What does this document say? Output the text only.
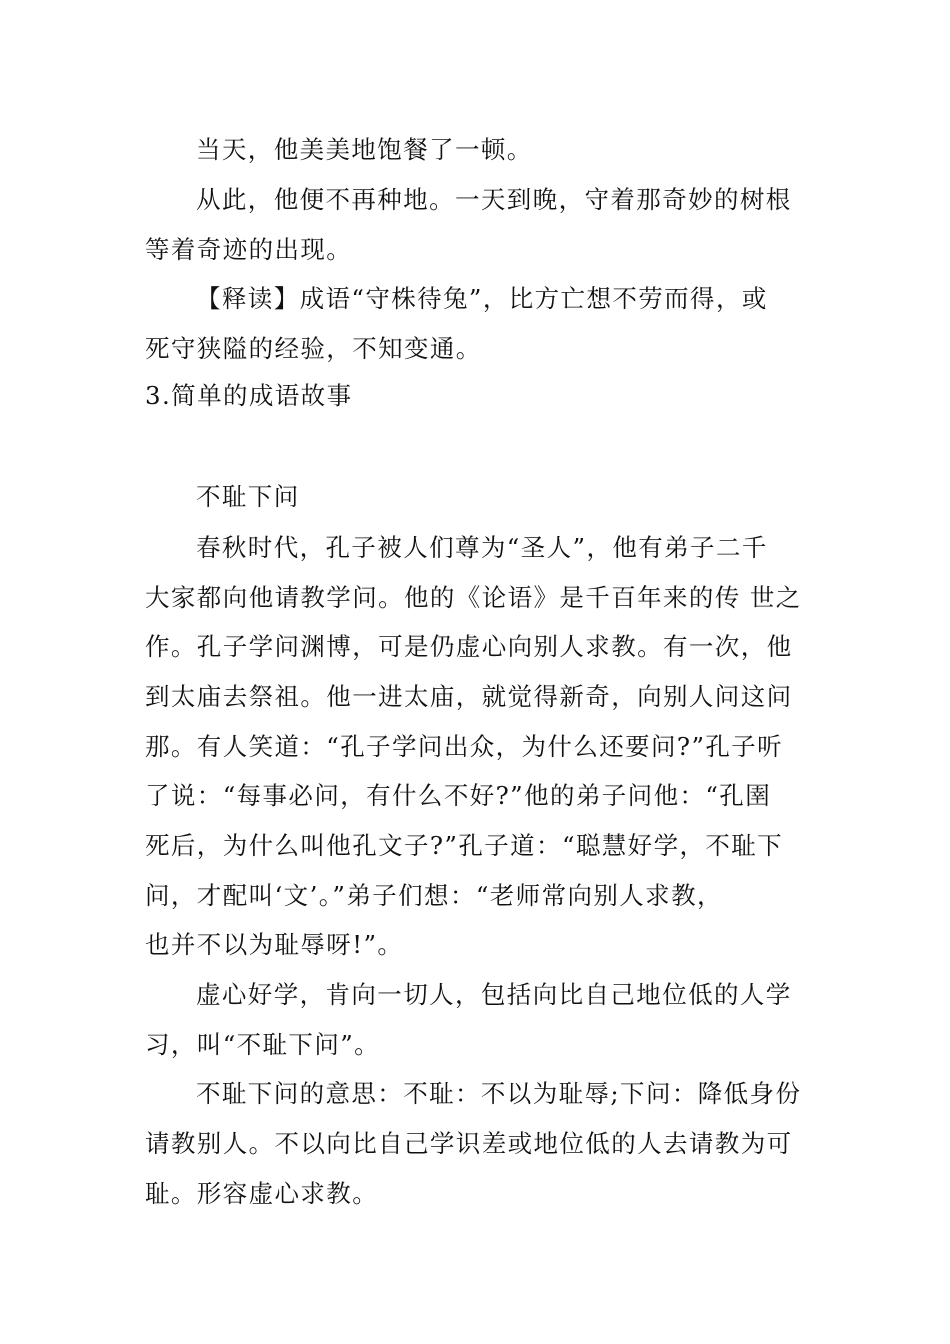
当天，他美美地饱餐了一顿。
从此，他便不再种地。一天到晚，守着那奇妙的树根
等着奇迹的出现。
【释读】成语“守株待兔”，比方亡想不劳而得，或
死守狭隘的经验，不知变通。
3.简单的成语故事
不耻下问
春秋时代，孔子被人们尊为“圣人”，他有弟子二千
大家都向他请教学问。他的《论语》是千百年来的传 世之
作。孔子学问渊博，可是仍虚心向别人求教。有一次，他
到太庙去祭祖。他一进太庙，就觉得新奇，向别人问这问
那。有人笑道：“孔子学问出众，为什么还要问?”孔子听
了说：“每事必问，有什么不好?”他的弟子问他：“孔圉
死后，为什么叫他孔文子?”孔子道：“聪慧好学，不耻下
问，才配叫‘文’。”弟子们想：“老师常向别人求教，
也并不以为耻辱呀!”。
虚心好学，肯向一切人，包括向比自己地位低的人学
习，叫“不耻下问”。
不耻下问的意思：不耻：不以为耻辱;下问：降低身份
请教别人。不以向比自己学识差或地位低的人去请教为可
耻。形容虚心求教。
